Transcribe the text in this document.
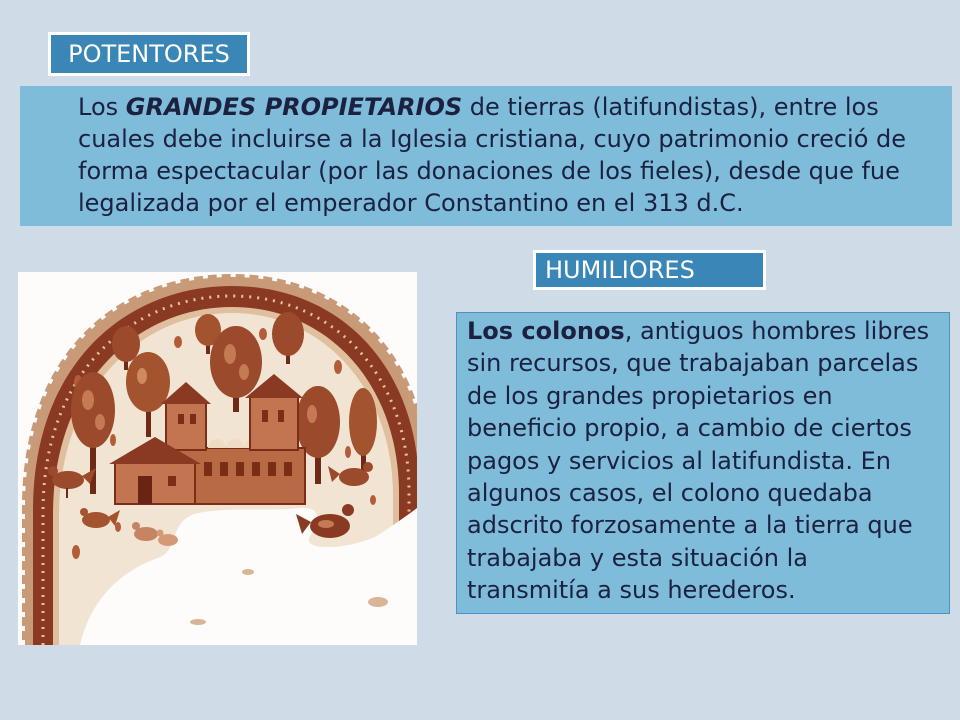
POTENTORES
Los GRANDES PROPIETARIOS de tierras (latifundistas), entre los
cuales debe incluirse a la Iglesia cristiana, cuyo patrimonio creció de
forma espectacular (por las donaciones de los fieles), desde que fue
legalizada por el emperador Constantino en el 313 d.C.
HUMILIORES
Los colonos, antiguos hombres libres
sin recursos, que trabajaban parcelas
de los grandes propietarios en
beneficio propio, a cambio de ciertos
pagos y servicios al latifundista. En
algunos casos, el colono quedaba
adscrito forzosamente a la tierra que
trabajaba y esta situación la
transmitía a sus herederos.
